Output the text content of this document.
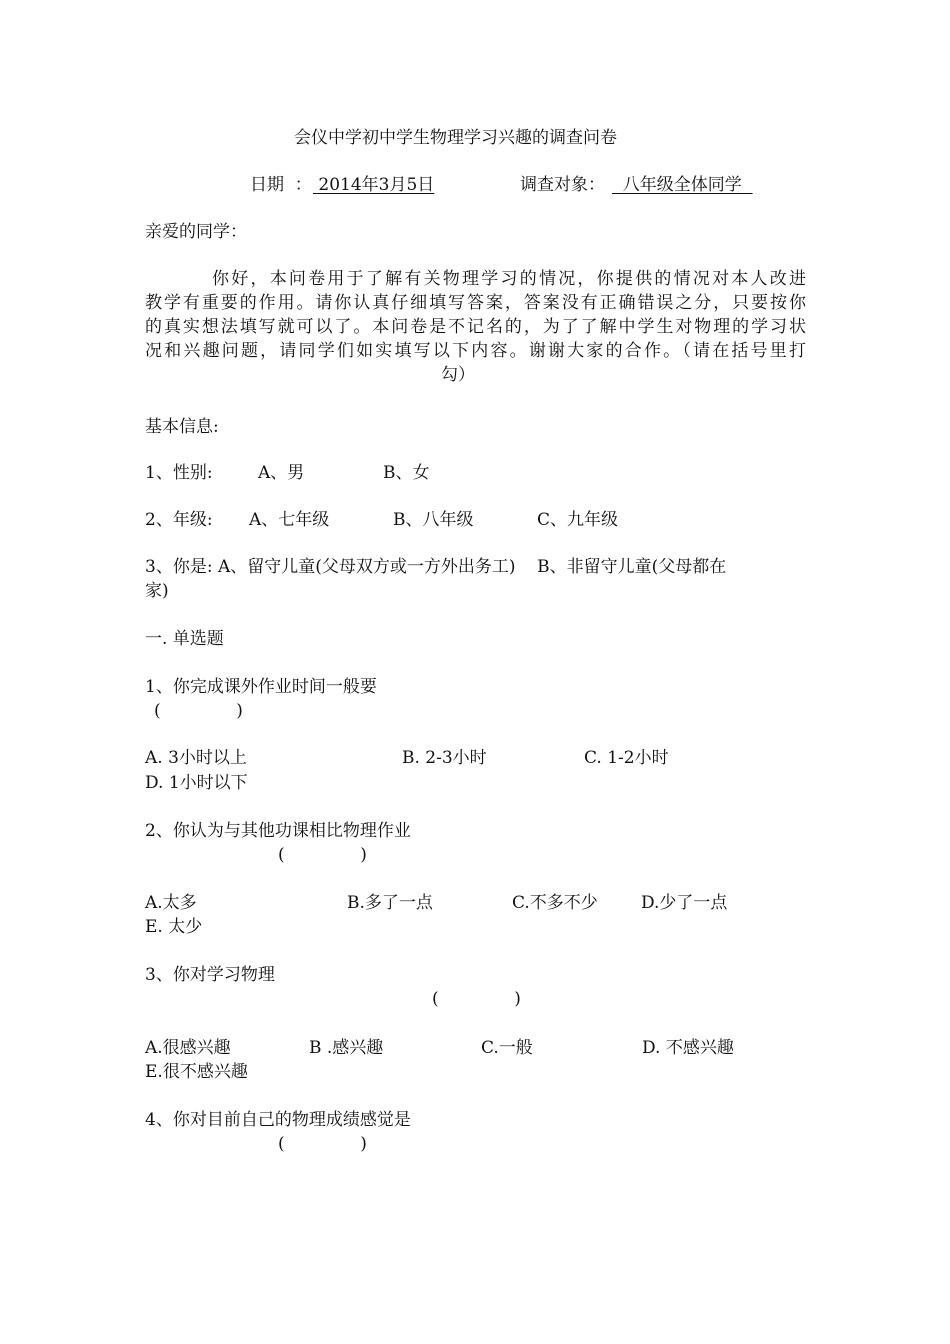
会仪中学初中学生物理学习兴趣的调查问卷
日期  ： 2014年3月5日	调查对象： 八年级全体同学
亲爱的同学：
你好，本问卷用于了解有关物理学习的情况，你提供的情况对本人改进
教学有重要的作用。请你认真仔细填写答案，答案没有正确错误之分，只要按你
的真实想法填写就可以了。本问卷是不记名的，为了了解中学生对物理的学习状
况和兴趣问题，请同学们如实填写以下内容。谢谢大家的合作。（请在括号里打
勾）
基本信息:
1、性别:	A、男	B、女
2、年级: A、七年级	B、八年级	C、九年级
3、你是: A、留守儿童(父母双方或一方外出务工)    B、非留守儿童(父母都在
家)
一. 单选题
1、你完成课外作业时间一般要
(              )
A. 3小时以上	B. 2-3小时	C. 1-2小时
D. 1小时以下
2、你认为与其他功课相比物理作业
(              )
A.太多	B.多了一点	C.不多不少	D.少了一点
E. 太少
3、你对学习物理
(              )
A.很感兴趣	B .感兴趣	C.一般	D. 不感兴趣
E.很不感兴趣
4、你对目前自己的物理成绩感觉是
(              )
